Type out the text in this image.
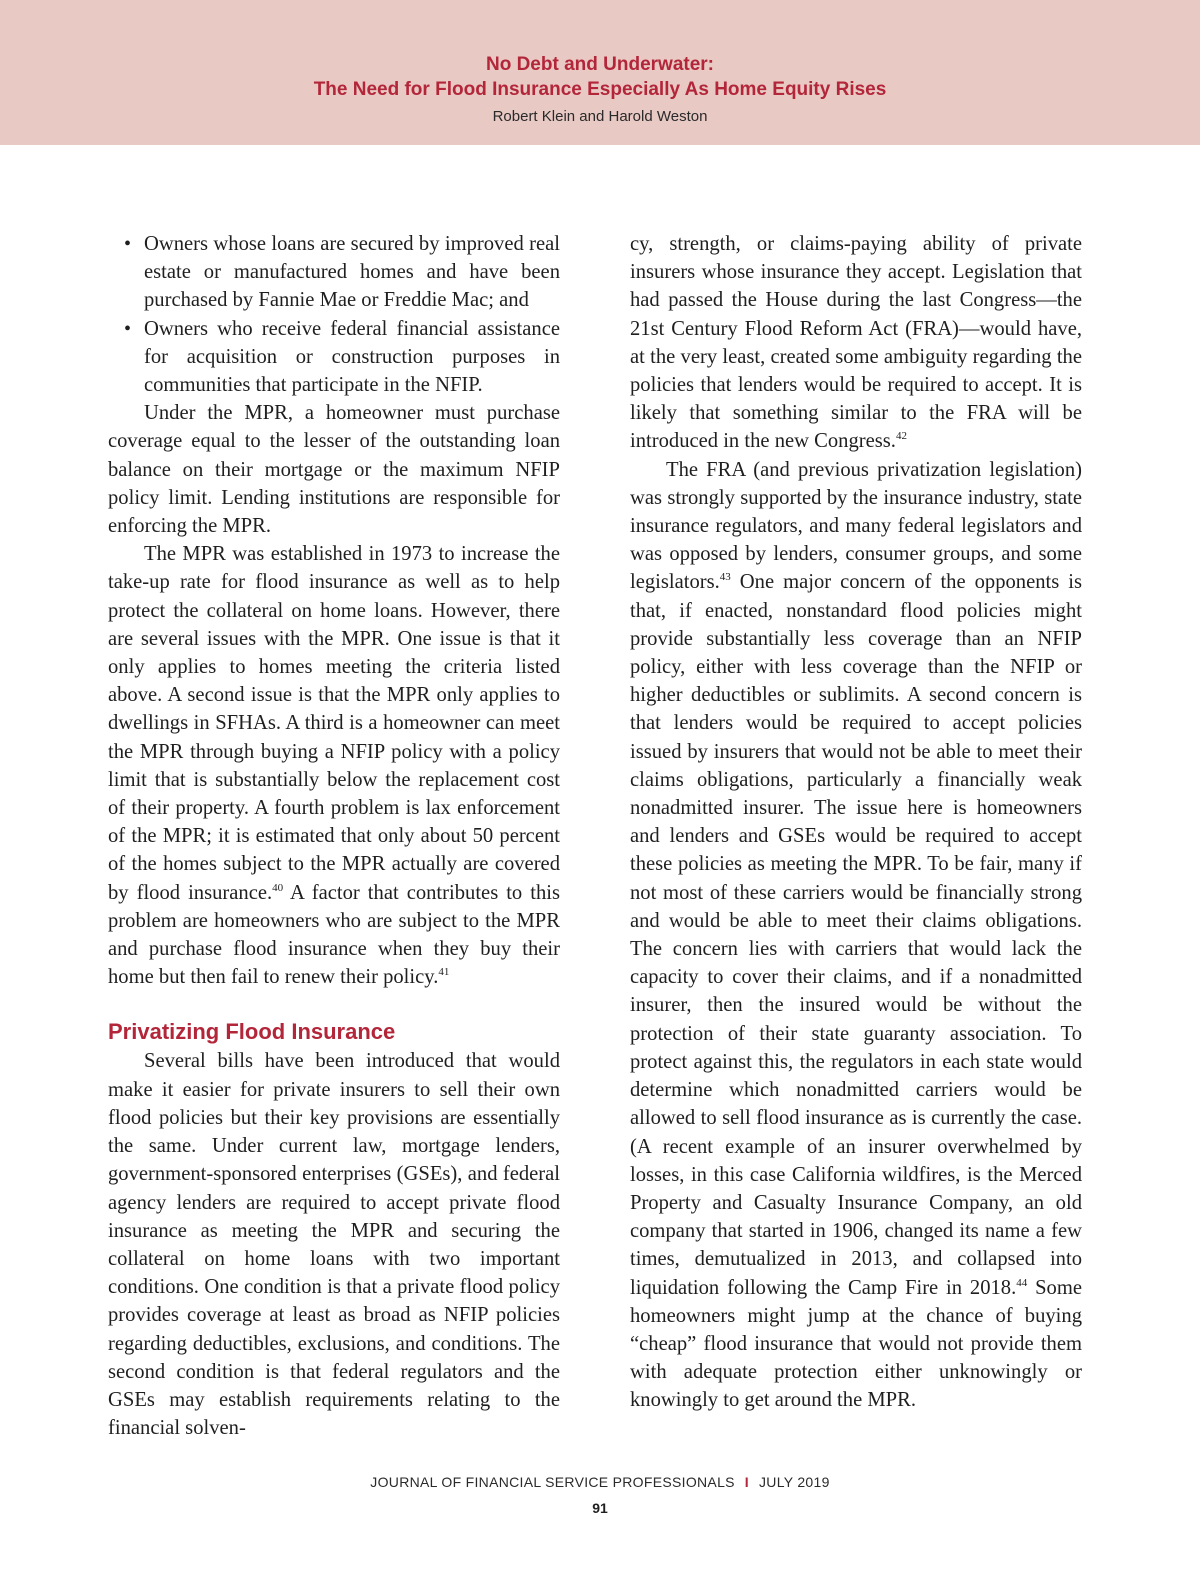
No Debt and Underwater:
The Need for Flood Insurance Especially As Home Equity Rises
Robert Klein and Harold Weston
• Owners whose loans are secured by improved real estate or manufactured homes and have been purchased by Fannie Mae or Freddie Mac; and
• Owners who receive federal financial assistance for acquisition or construction purposes in communities that participate in the NFIP.

Under the MPR, a homeowner must purchase coverage equal to the lesser of the outstanding loan balance on their mortgage or the maximum NFIP policy limit. Lending institutions are responsible for enforcing the MPR.

The MPR was established in 1973 to increase the take-up rate for flood insurance as well as to help protect the collateral on home loans. However, there are several issues with the MPR. One issue is that it only applies to homes meeting the criteria listed above. A second issue is that the MPR only applies to dwellings in SFHAs. A third is a homeowner can meet the MPR through buying a NFIP policy with a policy limit that is substantially below the replacement cost of their property. A fourth problem is lax enforcement of the MPR; it is estimated that only about 50 percent of the homes subject to the MPR actually are covered by flood insurance.$^{40}$ A factor that contributes to this problem are homeowners who are subject to the MPR and purchase flood insurance when they buy their home but then fail to renew their policy.$^{41}$

Privatizing Flood Insurance

Several bills have been introduced that would make it easier for private insurers to sell their own flood policies but their key provisions are essentially the same. Under current law, mortgage lenders, government-sponsored enterprises (GSEs), and federal agency lenders are required to accept private flood insurance as meeting the MPR and securing the collateral on home loans with two important conditions. One condition is that a private flood policy provides coverage at least as broad as NFIP policies regarding deductibles, exclusions, and conditions. The second condition is that federal regulators and the GSEs may establish requirements relating to the financial solven-

cy, strength, or claims-paying ability of private insurers whose insurance they accept. Legislation that had passed the House during the last Congress—the 21st Century Flood Reform Act (FRA)—would have, at the very least, created some ambiguity regarding the policies that lenders would be required to accept. It is likely that something similar to the FRA will be introduced in the new Congress.$^{42}$

The FRA (and previous privatization legislation) was strongly supported by the insurance industry, state insurance regulators, and many federal legislators and was opposed by lenders, consumer groups, and some legislators.$^{43}$ One major concern of the opponents is that, if enacted, nonstandard flood policies might provide substantially less coverage than an NFIP policy, either with less coverage than the NFIP or higher deductibles or sublimits. A second concern is that lenders would be required to accept policies issued by insurers that would not be able to meet their claims obligations, particularly a financially weak nonadmitted insurer. The issue here is homeowners and lenders and GSEs would be required to accept these policies as meeting the MPR. To be fair, many if not most of these carriers would be financially strong and would be able to meet their claims obligations. The concern lies with carriers that would lack the capacity to cover their claims, and if a nonadmitted insurer, then the insured would be without the protection of their state guaranty association. To protect against this, the regulators in each state would determine which nonadmitted carriers would be allowed to sell flood insurance as is currently the case. (A recent example of an insurer overwhelmed by losses, in this case California wildfires, is the Merced Property and Casualty Insurance Company, an old company that started in 1906, changed its name a few times, demutualized in 2013, and collapsed into liquidation following the Camp Fire in 2018.44 Some homeowners might jump at the chance of buying “cheap” flood insurance that would not provide them with adequate protection either unknowingly or knowingly to get around the MPR.

JOURNAL OF FINANCIAL SERVICE PROFESSIONALS I JULY 2019
91
